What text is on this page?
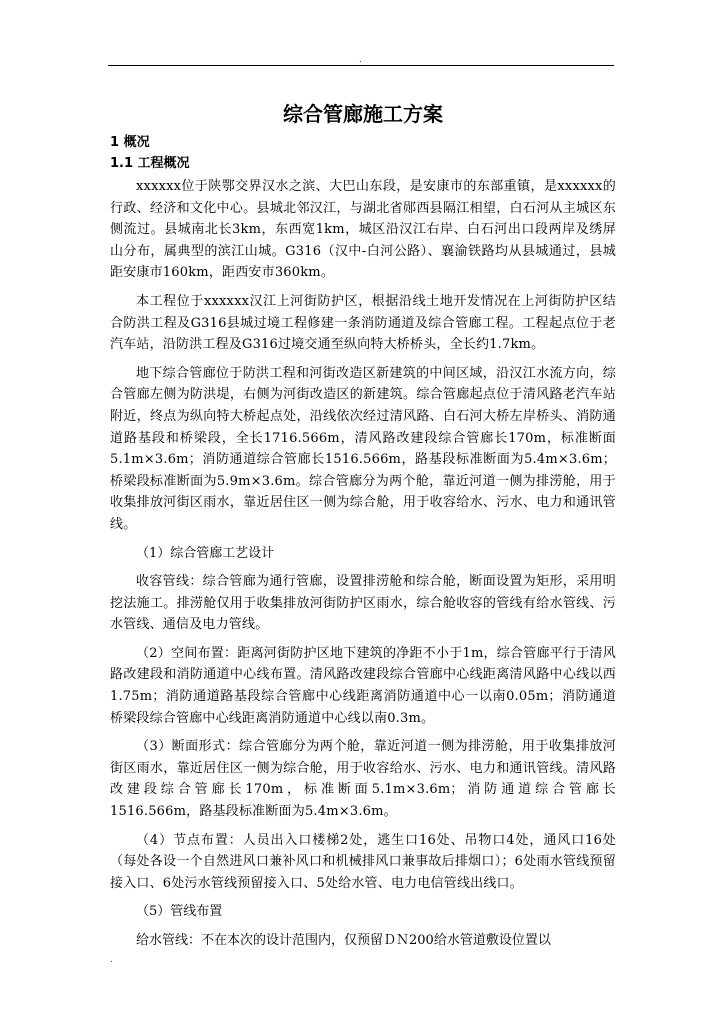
.
综合管廊施工方案
1 概况
1.1 工程概况

xxxxxx位于陕鄂交界汉水之滨、大巴山东段，是安康市的东部重镇，是xxxxxx的行政、经济和文化中心。县城北邻汉江，与湖北省郧西县隔江相望，白石河从主城区东侧流过。县城南北长3km，东西宽1km，城区沿汉江右岸、白石河出口段两岸及绣屏山分布，属典型的滨江山城。G316（汉中-白河公路）、襄渝铁路均从县城通过，县城距安康市160km，距西安市360km。

本工程位于xxxxxx汉江上河街防护区，根据沿线土地开发情况在上河街防护区结合防洪工程及G316县城过境工程修建一条消防通道及综合管廊工程。工程起点位于老汽车站，沿防洪工程及G316过境交通至纵向特大桥桥头，全长约1.7km。

地下综合管廊位于防洪工程和河街改造区新建筑的中间区域，沿汉江水流方向，综合管廊左侧为防洪堤，右侧为河街改造区的新建筑。综合管廊起点位于清风路老汽车站附近，终点为纵向特大桥起点处，沿线依次经过清风路、白石河大桥左岸桥头、消防通道路基段和桥梁段，全长1716.566m，清风路改建段综合管廊长170m，标准断面5.1m×3.6m；消防通道综合管廊长1516.566m，路基段标准断面为5.4m×3.6m；桥梁段标准断面为5.9m×3.6m。综合管廊分为两个舱，靠近河道一侧为排涝舱，用于收集排放河街区雨水，靠近居住区一侧为综合舱，用于收容给水、污水、电力和通讯管线。

（1）综合管廊工艺设计

收容管线：综合管廊为通行管廊，设置排涝舱和综合舱，断面设置为矩形，采用明挖法施工。排涝舱仅用于收集排放河街防护区雨水，综合舱收容的管线有给水管线、污水管线、通信及电力管线。

（2）空间布置：距离河街防护区地下建筑的净距不小于1m，综合管廊平行于清风路改建段和消防通道中心线布置。清风路改建段综合管廊中心线距离清风路中心线以西1.75m；消防通道路基段综合管廊中心线距离消防通道中心一以南0.05m；消防通道桥梁段综合管廊中心线距离消防通道中心线以南0.3m。

（3）断面形式：综合管廊分为两个舱，靠近河道一侧为排涝舱，用于收集排放河街区雨水，靠近居住区一侧为综合舱，用于收容给水、污水、电力和通讯管线。清风路改建段综合管廊长170m，标准断面5.1m×3.6m；消防通道综合管廊长1516.566m，路基段标准断面为5.4m×3.6m。

（4）节点布置：人员出入口楼梯2处，逃生口16处、吊物口4处，通风口16处（每处各设一个自然进风口兼补风口和机械排风口兼事故后排烟口）；6处雨水管线预留接入口、6处污水管线预留接入口、5处给水管、电力电信管线出线口。

（5）管线布置

给水管线：不在本次的设计范围内，仅预留ＤＮ200给水管道敷设位置以

.
